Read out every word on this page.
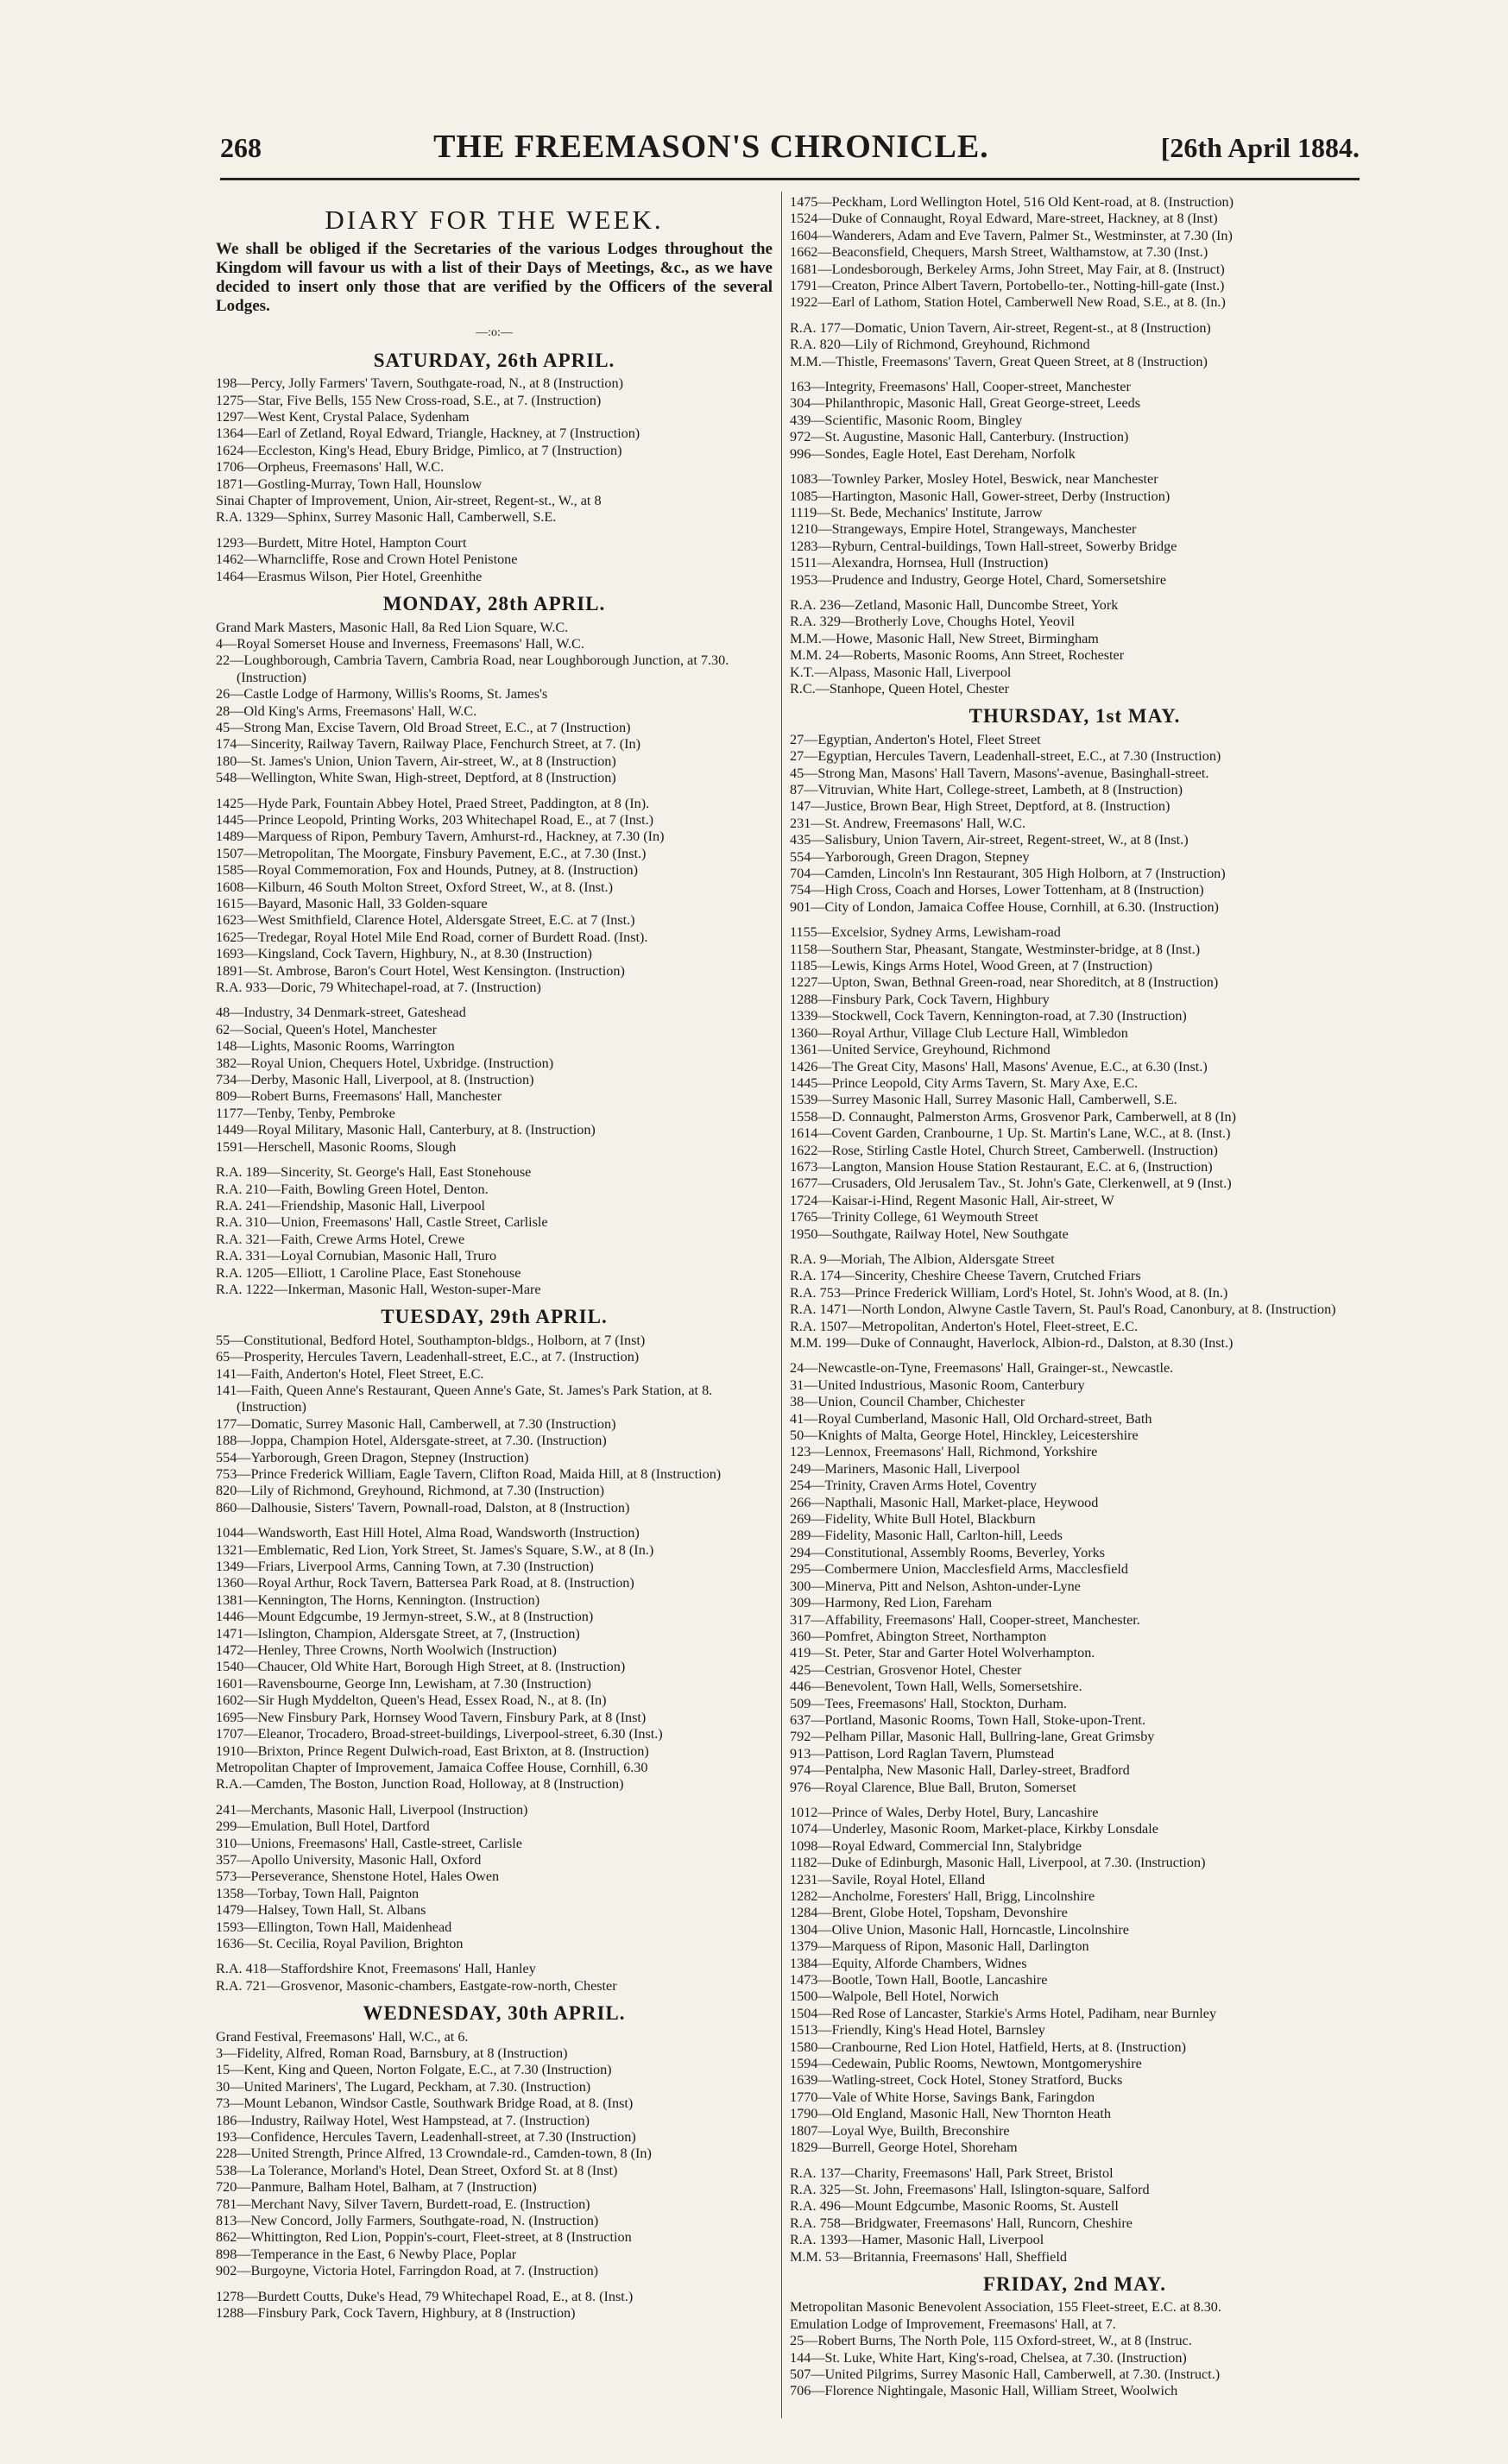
268	THE FREEMASON'S CHRONICLE.	[26th April 1884.
DIARY FOR THE WEEK.
We shall be obliged if the Secretaries of the various Lodges throughout the Kingdom will favour us with a list of their Days of Meetings, &c., as we have decided to insert only those that are verified by the Officers of the several Lodges.
—:o:—
SATURDAY, 26th APRIL.
198—Percy, Jolly Farmers' Tavern, Southgate-road, N., at 8 (Instruction)
1275—Star, Five Bells, 155 New Cross-road, S.E., at 7. (Instruction)
1297—West Kent, Crystal Palace, Sydenham
1364—Earl of Zetland, Royal Edward, Triangle, Hackney, at 7 (Instruction)
1624—Eccleston, King's Head, Ebury Bridge, Pimlico, at 7 (Instruction)
1706—Orpheus, Freemasons' Hall, W.C.
1871—Gostling-Murray, Town Hall, Hounslow
Sinai Chapter of Improvement, Union, Air-street, Regent-st., W., at 8
R.A. 1329—Sphinx, Surrey Masonic Hall, Camberwell, S.E.
1293—Burdett, Mitre Hotel, Hampton Court
1462—Wharncliffe, Rose and Crown Hotel Penistone
1464—Erasmus Wilson, Pier Hotel, Greenhithe
MONDAY, 28th APRIL.
Grand Mark Masters, Masonic Hall, 8a Red Lion Square, W.C.
4—Royal Somerset House and Inverness, Freemasons' Hall, W.C.
22—Loughborough, Cambria Tavern, Cambria Road, near Loughborough Junction, at 7.30. (Instruction)
26—Castle Lodge of Harmony, Willis's Rooms, St. James's
28—Old King's Arms, Freemasons' Hall, W.C.
45—Strong Man, Excise Tavern, Old Broad Street, E.C., at 7 (Instruction)
174—Sincerity, Railway Tavern, Railway Place, Fenchurch Street, at 7. (In)
180—St. James's Union, Union Tavern, Air-street, W., at 8 (Instruction)
548—Wellington, White Swan, High-street, Deptford, at 8 (Instruction)
1425—Hyde Park, Fountain Abbey Hotel, Praed Street, Paddington, at 8 (In).
1445—Prince Leopold, Printing Works, 203 Whitechapel Road, E., at 7 (Inst.)
1489—Marquess of Ripon, Pembury Tavern, Amhurst-rd., Hackney, at 7.30 (In)
1507—Metropolitan, The Moorgate, Finsbury Pavement, E.C., at 7.30 (Inst.)
1585—Royal Commemoration, Fox and Hounds, Putney, at 8. (Instruction)
1608—Kilburn, 46 South Molton Street, Oxford Street, W., at 8. (Inst.)
1615—Bayard, Masonic Hall, 33 Golden-square
1623—West Smithfield, Clarence Hotel, Aldersgate Street, E.C. at 7 (Inst.)
1625—Tredegar, Royal Hotel Mile End Road, corner of Burdett Road. (Inst).
1693—Kingsland, Cock Tavern, Highbury, N., at 8.30 (Instruction)
1891—St. Ambrose, Baron's Court Hotel, West Kensington. (Instruction)
R.A. 933—Doric, 79 Whitechapel-road, at 7. (Instruction)
48—Industry, 34 Denmark-street, Gateshead
62—Social, Queen's Hotel, Manchester
148—Lights, Masonic Rooms, Warrington
382—Royal Union, Chequers Hotel, Uxbridge. (Instruction)
734—Derby, Masonic Hall, Liverpool, at 8. (Instruction)
809—Robert Burns, Freemasons' Hall, Manchester
1177—Tenby, Tenby, Pembroke
1449—Royal Military, Masonic Hall, Canterbury, at 8. (Instruction)
1591—Herschell, Masonic Rooms, Slough
R.A. 189—Sincerity, St. George's Hall, East Stonehouse
R.A. 210—Faith, Bowling Green Hotel, Denton.
R.A. 241—Friendship, Masonic Hall, Liverpool
R.A. 310—Union, Freemasons' Hall, Castle Street, Carlisle
R.A. 321—Faith, Crewe Arms Hotel, Crewe
R.A. 331—Loyal Cornubian, Masonic Hall, Truro
R.A. 1205—Elliott, 1 Caroline Place, East Stonehouse
R.A. 1222—Inkerman, Masonic Hall, Weston-super-Mare
TUESDAY, 29th APRIL.
55—Constitutional, Bedford Hotel, Southampton-bldgs., Holborn, at 7 (Inst)
65—Prosperity, Hercules Tavern, Leadenhall-street, E.C., at 7. (Instruction)
141—Faith, Anderton's Hotel, Fleet Street, E.C.
141—Faith, Queen Anne's Restaurant, Queen Anne's Gate, St. James's Park Station, at 8. (Instruction)
177—Domatic, Surrey Masonic Hall, Camberwell, at 7.30 (Instruction)
188—Joppa, Champion Hotel, Aldersgate-street, at 7.30. (Instruction)
554—Yarborough, Green Dragon, Stepney (Instruction)
753—Prince Frederick William, Eagle Tavern, Clifton Road, Maida Hill, at 8 (Instruction)
820—Lily of Richmond, Greyhound, Richmond, at 7.30 (Instruction)
860—Dalhousie, Sisters' Tavern, Pownall-road, Dalston, at 8 (Instruction)
1044—Wandsworth, East Hill Hotel, Alma Road, Wandsworth (Instruction)
1321—Emblematic, Red Lion, York Street, St. James's Square, S.W., at 8 (In.)
1349—Friars, Liverpool Arms, Canning Town, at 7.30 (Instruction)
1360—Royal Arthur, Rock Tavern, Battersea Park Road, at 8. (Instruction)
1381—Kennington, The Horns, Kennington. (Instruction)
1446—Mount Edgcumbe, 19 Jermyn-street, S.W., at 8 (Instruction)
1471—Islington, Champion, Aldersgate Street, at 7, (Instruction)
1472—Henley, Three Crowns, North Woolwich (Instruction)
1540—Chaucer, Old White Hart, Borough High Street, at 8. (Instruction)
1601—Ravensbourne, George Inn, Lewisham, at 7.30 (Instruction)
1602—Sir Hugh Myddelton, Queen's Head, Essex Road, N., at 8. (In)
1695—New Finsbury Park, Hornsey Wood Tavern, Finsbury Park, at 8 (Inst)
1707—Eleanor, Trocadero, Broad-street-buildings, Liverpool-street, 6.30 (Inst.)
1910—Brixton, Prince Regent Dulwich-road, East Brixton, at 8. (Instruction)
Metropolitan Chapter of Improvement, Jamaica Coffee House, Cornhill, 6.30
R.A.—Camden, The Boston, Junction Road, Holloway, at 8 (Instruction)
241—Merchants, Masonic Hall, Liverpool (Instruction)
299—Emulation, Bull Hotel, Dartford
310—Unions, Freemasons' Hall, Castle-street, Carlisle
357—Apollo University, Masonic Hall, Oxford
573—Perseverance, Shenstone Hotel, Hales Owen
1358—Torbay, Town Hall, Paignton
1479—Halsey, Town Hall, St. Albans
1593—Ellington, Town Hall, Maidenhead
1636—St. Cecilia, Royal Pavilion, Brighton
R.A. 418—Staffordshire Knot, Freemasons' Hall, Hanley
R.A. 721—Grosvenor, Masonic-chambers, Eastgate-row-north, Chester
WEDNESDAY, 30th APRIL.
Grand Festival, Freemasons' Hall, W.C., at 6.
3—Fidelity, Alfred, Roman Road, Barnsbury, at 8 (Instruction)
15—Kent, King and Queen, Norton Folgate, E.C., at 7.30 (Instruction)
30—United Mariners', The Lugard, Peckham, at 7.30. (Instruction)
73—Mount Lebanon, Windsor Castle, Southwark Bridge Road, at 8. (Inst)
186—Industry, Railway Hotel, West Hampstead, at 7. (Instruction)
193—Confidence, Hercules Tavern, Leadenhall-street, at 7.30 (Instruction)
228—United Strength, Prince Alfred, 13 Crowndale-rd., Camden-town, 8 (In)
538—La Tolerance, Morland's Hotel, Dean Street, Oxford St. at 8 (Inst)
720—Panmure, Balham Hotel, Balham, at 7 (Instruction)
781—Merchant Navy, Silver Tavern, Burdett-road, E. (Instruction)
813—New Concord, Jolly Farmers, Southgate-road, N. (Instruction)
862—Whittington, Red Lion, Poppin's-court, Fleet-street, at 8 (Instruction
898—Temperance in the East, 6 Newby Place, Poplar
902—Burgoyne, Victoria Hotel, Farringdon Road, at 7. (Instruction)
1278—Burdett Coutts, Duke's Head, 79 Whitechapel Road, E., at 8. (Inst.)
1288—Finsbury Park, Cock Tavern, Highbury, at 8 (Instruction)
1475—Peckham, Lord Wellington Hotel, 516 Old Kent-road, at 8. (Instruction)
1524—Duke of Connaught, Royal Edward, Mare-street, Hackney, at 8 (Inst)
1604—Wanderers, Adam and Eve Tavern, Palmer St., Westminster, at 7.30 (In)
1662—Beaconsfield, Chequers, Marsh Street, Walthamstow, at 7.30 (Inst.)
1681—Londesborough, Berkeley Arms, John Street, May Fair, at 8. (Instruct)
1791—Creaton, Prince Albert Tavern, Portobello-ter., Notting-hill-gate (Inst.)
1922—Earl of Lathom, Station Hotel, Camberwell New Road, S.E., at 8. (In.)
R.A. 177—Domatic, Union Tavern, Air-street, Regent-st., at 8 (Instruction)
R.A. 820—Lily of Richmond, Greyhound, Richmond
M.M.—Thistle, Freemasons' Tavern, Great Queen Street, at 8 (Instruction)
163—Integrity, Freemasons' Hall, Cooper-street, Manchester
304—Philanthropic, Masonic Hall, Great George-street, Leeds
439—Scientific, Masonic Room, Bingley
972—St. Augustine, Masonic Hall, Canterbury. (Instruction)
996—Sondes, Eagle Hotel, East Dereham, Norfolk
1083—Townley Parker, Mosley Hotel, Beswick, near Manchester
1085—Hartington, Masonic Hall, Gower-street, Derby (Instruction)
1119—St. Bede, Mechanics' Institute, Jarrow
1210—Strangeways, Empire Hotel, Strangeways, Manchester
1283—Ryburn, Central-buildings, Town Hall-street, Sowerby Bridge
1511—Alexandra, Hornsea, Hull (Instruction)
1953—Prudence and Industry, George Hotel, Chard, Somersetshire
R.A. 236—Zetland, Masonic Hall, Duncombe Street, York
R.A. 329—Brotherly Love, Choughs Hotel, Yeovil
M.M.—Howe, Masonic Hall, New Street, Birmingham
M.M. 24—Roberts, Masonic Rooms, Ann Street, Rochester
K.T.—Alpass, Masonic Hall, Liverpool
R.C.—Stanhope, Queen Hotel, Chester
THURSDAY, 1st MAY.
27—Egyptian, Anderton's Hotel, Fleet Street
27—Egyptian, Hercules Tavern, Leadenhall-street, E.C., at 7.30 (Instruction)
45—Strong Man, Masons' Hall Tavern, Masons'-avenue, Basinghall-street.
87—Vitruvian, White Hart, College-street, Lambeth, at 8 (Instruction)
147—Justice, Brown Bear, High Street, Deptford, at 8. (Instruction)
231—St. Andrew, Freemasons' Hall, W.C.
435—Salisbury, Union Tavern, Air-street, Regent-street, W., at 8 (Inst.)
554—Yarborough, Green Dragon, Stepney
704—Camden, Lincoln's Inn Restaurant, 305 High Holborn, at 7 (Instruction)
754—High Cross, Coach and Horses, Lower Tottenham, at 8 (Instruction)
901—City of London, Jamaica Coffee House, Cornhill, at 6.30. (Instruction)
1155—Excelsior, Sydney Arms, Lewisham-road
1158—Southern Star, Pheasant, Stangate, Westminster-bridge, at 8 (Inst.)
1185—Lewis, Kings Arms Hotel, Wood Green, at 7 (Instruction)
1227—Upton, Swan, Bethnal Green-road, near Shoreditch, at 8 (Instruction)
1288—Finsbury Park, Cock Tavern, Highbury
1339—Stockwell, Cock Tavern, Kennington-road, at 7.30 (Instruction)
1360—Royal Arthur, Village Club Lecture Hall, Wimbledon
1361—United Service, Greyhound, Richmond
1426—The Great City, Masons' Hall, Masons' Avenue, E.C., at 6.30 (Inst.)
1445—Prince Leopold, City Arms Tavern, St. Mary Axe, E.C.
1539—Surrey Masonic Hall, Surrey Masonic Hall, Camberwell, S.E.
1558—D. Connaught, Palmerston Arms, Grosvenor Park, Camberwell, at 8 (In)
1614—Covent Garden, Cranbourne, 1 Up. St. Martin's Lane, W.C., at 8. (Inst.)
1622—Rose, Stirling Castle Hotel, Church Street, Camberwell. (Instruction)
1673—Langton, Mansion House Station Restaurant, E.C. at 6, (Instruction)
1677—Crusaders, Old Jerusalem Tav., St. John's Gate, Clerkenwell, at 9 (Inst.)
1724—Kaisar-i-Hind, Regent Masonic Hall, Air-street, W
1765—Trinity College, 61 Weymouth Street
1950—Southgate, Railway Hotel, New Southgate
R.A. 9—Moriah, The Albion, Aldersgate Street
R.A. 174—Sincerity, Cheshire Cheese Tavern, Crutched Friars
R.A. 753—Prince Frederick William, Lord's Hotel, St. John's Wood, at 8. (In.)
R.A. 1471—North London, Alwyne Castle Tavern, St. Paul's Road, Canonbury, at 8. (Instruction)
R.A. 1507—Metropolitan, Anderton's Hotel, Fleet-street, E.C.
M.M. 199—Duke of Connaught, Haverlock, Albion-rd., Dalston, at 8.30 (Inst.)
24—Newcastle-on-Tyne, Freemasons' Hall, Grainger-st., Newcastle.
31—United Industrious, Masonic Room, Canterbury
38—Union, Council Chamber, Chichester
41—Royal Cumberland, Masonic Hall, Old Orchard-street, Bath
50—Knights of Malta, George Hotel, Hinckley, Leicestershire
123—Lennox, Freemasons' Hall, Richmond, Yorkshire
249—Mariners, Masonic Hall, Liverpool
254—Trinity, Craven Arms Hotel, Coventry
266—Napthali, Masonic Hall, Market-place, Heywood
269—Fidelity, White Bull Hotel, Blackburn
289—Fidelity, Masonic Hall, Carlton-hill, Leeds
294—Constitutional, Assembly Rooms, Beverley, Yorks
295—Combermere Union, Macclesfield Arms, Macclesfield
300—Minerva, Pitt and Nelson, Ashton-under-Lyne
309—Harmony, Red Lion, Fareham
317—Affability, Freemasons' Hall, Cooper-street, Manchester.
360—Pomfret, Abington Street, Northampton
419—St. Peter, Star and Garter Hotel Wolverhampton.
425—Cestrian, Grosvenor Hotel, Chester
446—Benevolent, Town Hall, Wells, Somersetshire.
509—Tees, Freemasons' Hall, Stockton, Durham.
637—Portland, Masonic Rooms, Town Hall, Stoke-upon-Trent.
792—Pelham Pillar, Masonic Hall, Bullring-lane, Great Grimsby
913—Pattison, Lord Raglan Tavern, Plumstead
974—Pentalpha, New Masonic Hall, Darley-street, Bradford
976—Royal Clarence, Blue Ball, Bruton, Somerset
1012—Prince of Wales, Derby Hotel, Bury, Lancashire
1074—Underley, Masonic Room, Market-place, Kirkby Lonsdale
1098—Royal Edward, Commercial Inn, Stalybridge
1182—Duke of Edinburgh, Masonic Hall, Liverpool, at 7.30. (Instruction)
1231—Savile, Royal Hotel, Elland
1282—Ancholme, Foresters' Hall, Brigg, Lincolnshire
1284—Brent, Globe Hotel, Topsham, Devonshire
1304—Olive Union, Masonic Hall, Horncastle, Lincolnshire
1379—Marquess of Ripon, Masonic Hall, Darlington
1384—Equity, Alforde Chambers, Widnes
1473—Bootle, Town Hall, Bootle, Lancashire
1500—Walpole, Bell Hotel, Norwich
1504—Red Rose of Lancaster, Starkie's Arms Hotel, Padiham, near Burnley
1513—Friendly, King's Head Hotel, Barnsley
1580—Cranbourne, Red Lion Hotel, Hatfield, Herts, at 8. (Instruction)
1594—Cedewain, Public Rooms, Newtown, Montgomeryshire
1639—Watling-street, Cock Hotel, Stoney Stratford, Bucks
1770—Vale of White Horse, Savings Bank, Faringdon
1790—Old England, Masonic Hall, New Thornton Heath
1807—Loyal Wye, Builth, Breconshire
1829—Burrell, George Hotel, Shoreham
R.A. 137—Charity, Freemasons' Hall, Park Street, Bristol
R.A. 325—St. John, Freemasons' Hall, Islington-square, Salford
R.A. 496—Mount Edgcumbe, Masonic Rooms, St. Austell
R.A. 758—Bridgwater, Freemasons' Hall, Runcorn, Cheshire
R.A. 1393—Hamer, Masonic Hall, Liverpool
M.M. 53—Britannia, Freemasons' Hall, Sheffield
FRIDAY, 2nd MAY.
Metropolitan Masonic Benevolent Association, 155 Fleet-street, E.C. at 8.30.
Emulation Lodge of Improvement, Freemasons' Hall, at 7.
25—Robert Burns, The North Pole, 115 Oxford-street, W., at 8 (Instruc.
144—St. Luke, White Hart, King's-road, Chelsea, at 7.30. (Instruction)
507—United Pilgrims, Surrey Masonic Hall, Camberwell, at 7.30. (Instruct.)
706—Florence Nightingale, Masonic Hall, William Street, Woolwich
